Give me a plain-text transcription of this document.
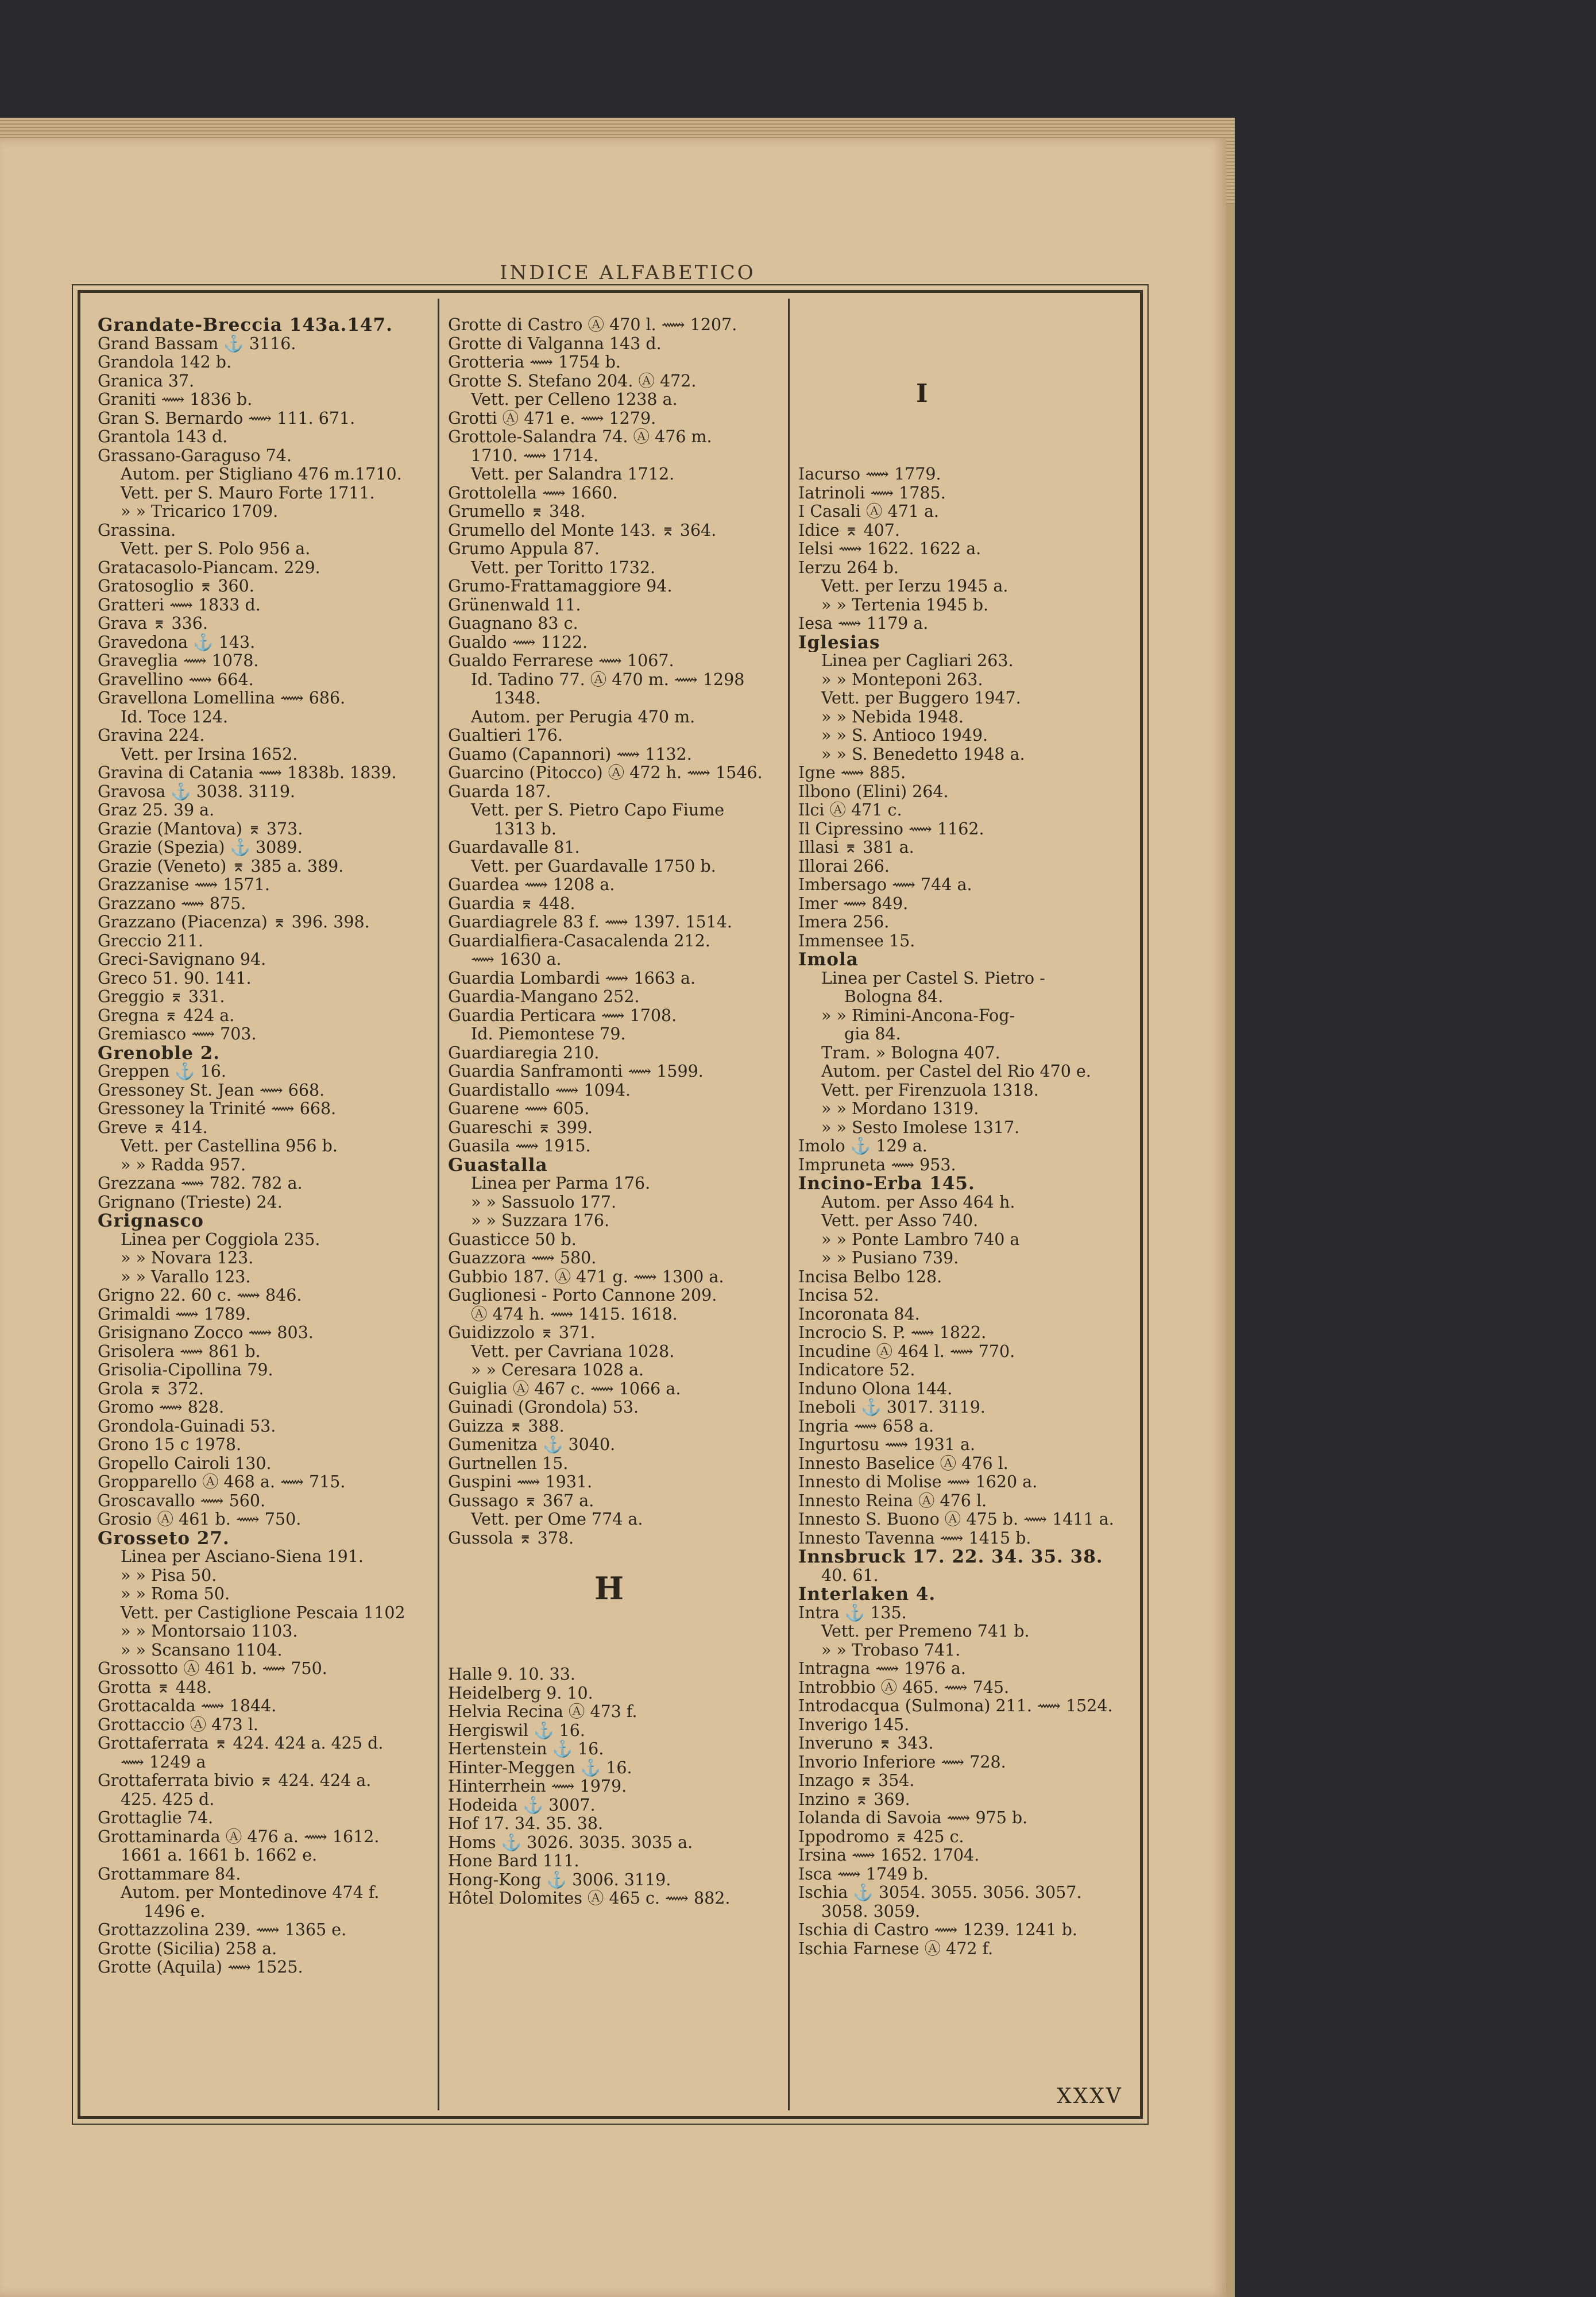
INDICE ALFABETICO
Grandate-Breccia 143a.147.
Grand Bassam ⚓ 3116.
Grandola 142 b.
Granica 37.
Graniti ⟿ 1836 b.
Gran S. Bernardo ⟿ 111. 671.
Grantola 143 d.
Grassano-Garaguso 74.
Autom. per Stigliano 476 m.1710.
Vett. per S. Mauro Forte 1711.
» » Tricarico 1709.
Grassina.
Vett. per S. Polo 956 a.
Gratacasolo-Piancam. 229.
Gratosoglio ⌆ 360.
Gratteri ⟿ 1833 d.
Grava ⌆ 336.
Gravedona ⚓ 143.
Graveglia ⟿ 1078.
Gravellino ⟿ 664.
Gravellona Lomellina ⟿ 686.
Id. Toce 124.
Gravina 224.
Vett. per Irsina 1652.
Gravina di Catania ⟿ 1838b. 1839.
Gravosa ⚓ 3038. 3119.
Graz 25. 39 a.
Grazie (Mantova) ⌆ 373.
Grazie (Spezia) ⚓ 3089.
Grazie (Veneto) ⌆ 385 a. 389.
Grazzanise ⟿ 1571.
Grazzano ⟿ 875.
Grazzano (Piacenza) ⌆ 396. 398.
Greccio 211.
Greci-Savignano 94.
Greco 51. 90. 141.
Greggio ⌆ 331.
Gregna ⌆ 424 a.
Gremiasco ⟿ 703.
Grenoble 2.
Greppen ⚓ 16.
Gressoney St. Jean ⟿ 668.
Gressoney la Trinité ⟿ 668.
Greve ⌆ 414.
Vett. per Castellina 956 b.
» » Radda 957.
Grezzana ⟿ 782. 782 a.
Grignano (Trieste) 24.
Grignasco
Linea per Coggiola 235.
» » Novara 123.
» » Varallo 123.
Grigno 22. 60 c. ⟿ 846.
Grimaldi ⟿ 1789.
Grisignano Zocco ⟿ 803.
Grisolera ⟿ 861 b.
Grisolia-Cipollina 79.
Grola ⌆ 372.
Gromo ⟿ 828.
Grondola-Guinadi 53.
Grono 15 c 1978.
Gropello Cairoli 130.
Gropparello Ⓐ 468 a. ⟿ 715.
Groscavallo ⟿ 560.
Grosio Ⓐ 461 b. ⟿ 750.
Grosseto 27.
Linea per Asciano-Siena 191.
» » Pisa 50.
» » Roma 50.
Vett. per Castiglione Pescaia 1102
» » Montorsaio 1103.
» » Scansano 1104.
Grossotto Ⓐ 461 b. ⟿ 750.
Grotta ⌆ 448.
Grottacalda ⟿ 1844.
Grottaccio Ⓐ 473 l.
Grottaferrata ⌆ 424. 424 a. 425 d.
⟿ 1249 a
Grottaferrata bivio ⌆ 424. 424 a.
425. 425 d.
Grottaglie 74.
Grottaminarda Ⓐ 476 a. ⟿ 1612.
1661 a. 1661 b. 1662 e.
Grottammare 84.
Autom. per Montedinove 474 f.
1496 e.
Grottazzolina 239. ⟿ 1365 e.
Grotte (Sicilia) 258 a.
Grotte (Aquila) ⟿ 1525.
Grotte di Castro Ⓐ 470 l. ⟿ 1207.
Grotte di Valganna 143 d.
Grotteria ⟿ 1754 b.
Grotte S. Stefano 204. Ⓐ 472.
Vett. per Celleno 1238 a.
Grotti Ⓐ 471 e. ⟿ 1279.
Grottole-Salandra 74. Ⓐ 476 m.
1710. ⟿ 1714.
Vett. per Salandra 1712.
Grottolella ⟿ 1660.
Grumello ⌆ 348.
Grumello del Monte 143. ⌆ 364.
Grumo Appula 87.
Vett. per Toritto 1732.
Grumo-Frattamaggiore 94.
Grünenwald 11.
Guagnano 83 c.
Gualdo ⟿ 1122.
Gualdo Ferrarese ⟿ 1067.
Id. Tadino 77. Ⓐ 470 m. ⟿ 1298
1348.
Autom. per Perugia 470 m.
Gualtieri 176.
Guamo (Capannori) ⟿ 1132.
Guarcino (Pitocco) Ⓐ 472 h. ⟿ 1546.
Guarda 187.
Vett. per S. Pietro Capo Fiume
1313 b.
Guardavalle 81.
Vett. per Guardavalle 1750 b.
Guardea ⟿ 1208 a.
Guardia ⌆ 448.
Guardiagrele 83 f. ⟿ 1397. 1514.
Guardialfiera-Casacalenda 212.
⟿ 1630 a.
Guardia Lombardi ⟿ 1663 a.
Guardia-Mangano 252.
Guardia Perticara ⟿ 1708.
Id. Piemontese 79.
Guardiaregia 210.
Guardia Sanframonti ⟿ 1599.
Guardistallo ⟿ 1094.
Guarene ⟿ 605.
Guareschi ⌆ 399.
Guasila ⟿ 1915.
Guastalla
Linea per Parma 176.
» » Sassuolo 177.
» » Suzzara 176.
Guasticce 50 b.
Guazzora ⟿ 580.
Gubbio 187. Ⓐ 471 g. ⟿ 1300 a.
Guglionesi - Porto Cannone 209.
Ⓐ 474 h. ⟿ 1415. 1618.
Guidizzolo ⌆ 371.
Vett. per Cavriana 1028.
» » Ceresara 1028 a.
Guiglia Ⓐ 467 c. ⟿ 1066 a.
Guinadi (Grondola) 53.
Guizza ⌆ 388.
Gumenitza ⚓ 3040.
Gurtnellen 15.
Guspini ⟿ 1931.
Gussago ⌆ 367 a.
Vett. per Ome 774 a.
Gussola ⌆ 378.
H
Halle 9. 10. 33.
Heidelberg 9. 10.
Helvia Recina Ⓐ 473 f.
Hergiswil ⚓ 16.
Hertenstein ⚓ 16.
Hinter-Meggen ⚓ 16.
Hinterrhein ⟿ 1979.
Hodeida ⚓ 3007.
Hof 17. 34. 35. 38.
Homs ⚓ 3026. 3035. 3035 a.
Hone Bard 111.
Hong-Kong ⚓ 3006. 3119.
Hôtel Dolomites Ⓐ 465 c. ⟿ 882.
Iacurso ⟿ 1779.
Iatrinoli ⟿ 1785.
I Casali Ⓐ 471 a.
Idice ⌆ 407.
Ielsi ⟿ 1622. 1622 a.
Ierzu 264 b.
Vett. per Ierzu 1945 a.
» » Tertenia 1945 b.
Iesa ⟿ 1179 a.
Iglesias
Linea per Cagliari 263.
» » Monteponi 263.
Vett. per Buggero 1947.
» » Nebida 1948.
» » S. Antioco 1949.
» » S. Benedetto 1948 a.
Igne ⟿ 885.
Ilbono (Elini) 264.
Ilci Ⓐ 471 c.
Il Cipressino ⟿ 1162.
Illasi ⌆ 381 a.
Illorai 266.
Imbersago ⟿ 744 a.
Imer ⟿ 849.
Imera 256.
Immensee 15.
Imola
Linea per Castel S. Pietro -
Bologna 84.
» » Rimini-Ancona-Fog-
gia 84.
Tram. » Bologna 407.
Autom. per Castel del Rio 470 e.
Vett. per Firenzuola 1318.
» » Mordano 1319.
» » Sesto Imolese 1317.
Imolo ⚓ 129 a.
Impruneta ⟿ 953.
Incino-Erba 145.
Autom. per Asso 464 h.
Vett. per Asso 740.
» » Ponte Lambro 740 a
» » Pusiano 739.
Incisa Belbo 128.
Incisa 52.
Incoronata 84.
Incrocio S. P. ⟿ 1822.
Incudine Ⓐ 464 l. ⟿ 770.
Indicatore 52.
Induno Olona 144.
Ineboli ⚓ 3017. 3119.
Ingria ⟿ 658 a.
Ingurtosu ⟿ 1931 a.
Innesto Baselice Ⓐ 476 l.
Innesto di Molise ⟿ 1620 a.
Innesto Reina Ⓐ 476 l.
Innesto S. Buono Ⓐ 475 b. ⟿ 1411 a.
Innesto Tavenna ⟿ 1415 b.
Innsbruck 17. 22. 34. 35. 38.
40. 61.
Interlaken 4.
Intra ⚓ 135.
Vett. per Premeno 741 b.
» » Trobaso 741.
Intragna ⟿ 1976 a.
Introbbio Ⓐ 465. ⟿ 745.
Introdacqua (Sulmona) 211. ⟿ 1524.
Inverigo 145.
Inveruno ⌆ 343.
Invorio Inferiore ⟿ 728.
Inzago ⌆ 354.
Inzino ⌆ 369.
Iolanda di Savoia ⟿ 975 b.
Ippodromo ⌆ 425 c.
Irsina ⟿ 1652. 1704.
Isca ⟿ 1749 b.
Ischia ⚓ 3054. 3055. 3056. 3057.
3058. 3059.
Ischia di Castro ⟿ 1239. 1241 b.
Ischia Farnese Ⓐ 472 f.
I
XXXV
